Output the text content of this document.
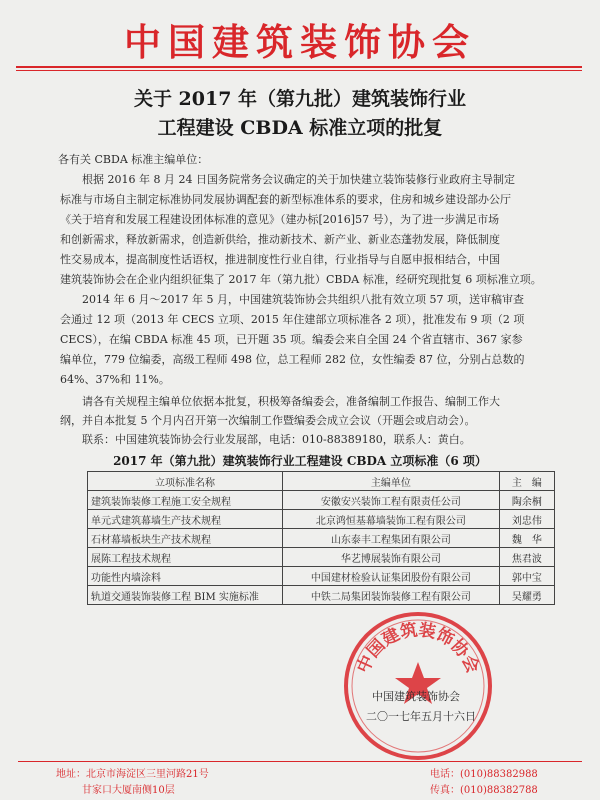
中国建筑装饰协会
关于 2017 年（第九批）建筑装饰行业
工程建设 CBDA 标准立项的批复
各有关 CBDA 标准主编单位：
根据 2016 年 8 月 24 日国务院常务会议确定的关于加快建立装饰装修行业政府主导制定
标准与市场自主制定标准协同发展协调配套的新型标准体系的要求，住房和城乡建设部办公厅
《关于培育和发展工程建设团体标准的意见》（建办标[2016]57 号），为了进一步满足市场
和创新需求，释放新需求，创造新供给，推动新技术、新产业、新业态蓬勃发展，降低制度
性交易成本，提高制度性话语权，推进制度性行业自律，行业指导与自愿申报相结合，中国
建筑装饰协会在企业内组织征集了 2017 年（第九批）CBDA 标准，经研究现批复 6 项标准立项。
2014 年 6 月～2017 年 5 月，中国建筑装饰协会共组织八批有效立项 57 项，送审稿审查
会通过 12 项（2013 年 CECS 立项、2015 年住建部立项标准各 2 项），批准发布 9 项（2 项
CECS），在编 CBDA 标准 45 项，已开题 35 项。编委会来自全国 24 个省直辖市、367 家参
编单位，779 位编委，高级工程师 498 位，总工程师 282 位，女性编委 87 位，分别占总数的
64%、37%和 11%。
请各有关规程主编单位依据本批复，积极筹备编委会，准备编制工作报告、编制工作大
2017 年（第九批）建筑装饰行业工程建设 CBDA 立项标准（6 项）
立项标准名称	主编单位	主　编
建筑装饰装修工程施工安全规程	安徽安兴装饰工程有限责任公司	陶余桐
单元式建筑幕墙生产技术规程	北京鸿恒基幕墙装饰工程有限公司	刘忠伟
石材幕墙板块生产技术规程	山东泰丰工程集团有限公司	魏　华
展陈工程技术规程	华艺博展装饰有限公司	焦君波
功能性内墙涂料	中国建材检验认证集团股份有限公司	郭中宝
轨道交通装饰装修工程 BIM 实施标准	中铁二局集团装饰装修工程有限公司	吴耀勇
中国建筑装饰协会
中国建筑装饰协会
二〇一七年五月十六日
地址：北京市海淀区三里河路21号
甘家口大厦南侧10层
电话：(010)88382988
传真：(010)88382788
纲，并自本批复 5 个月内召开第一次编制工作暨编委会成立会议（开题会或启动会）。
联系：中国建筑装饰协会行业发展部，电话：010-88389180，联系人：黄白。
